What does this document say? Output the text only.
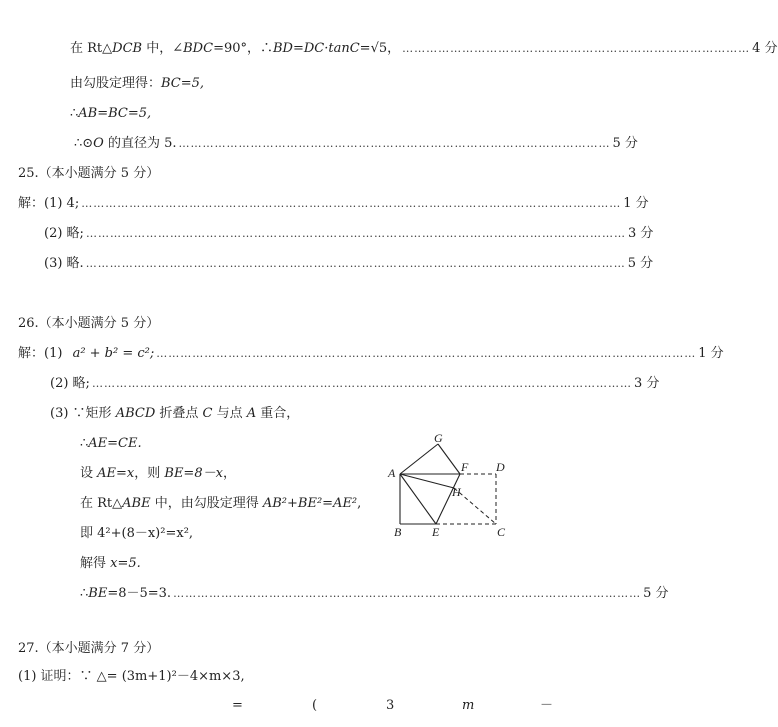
在 Rt△DCB 中，∠BDC=90°，∴BD=DC·tanC=√5， …………………………………………………………………………… 4 分
由勾股定理得：BC=5,
∴AB=BC=5,
∴⊙O 的直径为 5. ……………………………………………………………………………………………… 5 分
25.（本小题满分 5 分）
解：(1) 4; ……………………………………………………………………………………………………………………… 1 分
(2) 略; ……………………………………………………………………………………………………………………… 3 分
(3) 略. ……………………………………………………………………………………………………………………… 5 分
26.（本小题满分 5 分）
解：(1) a² + b² = c²; ……………………………………………………………………………………………………………………… 1 分
(2) 略; ……………………………………………………………………………………………………………………… 3 分
(3) ∵矩形 ABCD 折叠点 C 与点 A 重合，
∴AE=CE.
设 AE=x，则 BE=8－x，
在 Rt△ABE 中，由勾股定理得 AB²+BE²=AE²,
即 4²+(8－x)²=x²,
解得 x=5.
∴BE=8－5=3. ……………………………………………………………………………………………………… 5 分
A
B	E	C
D
F
G
H
27.（本小题满分 7 分）
(1) 证明：∵ △= (3m+1)²－4×m×3,
=	(	3	m	－
